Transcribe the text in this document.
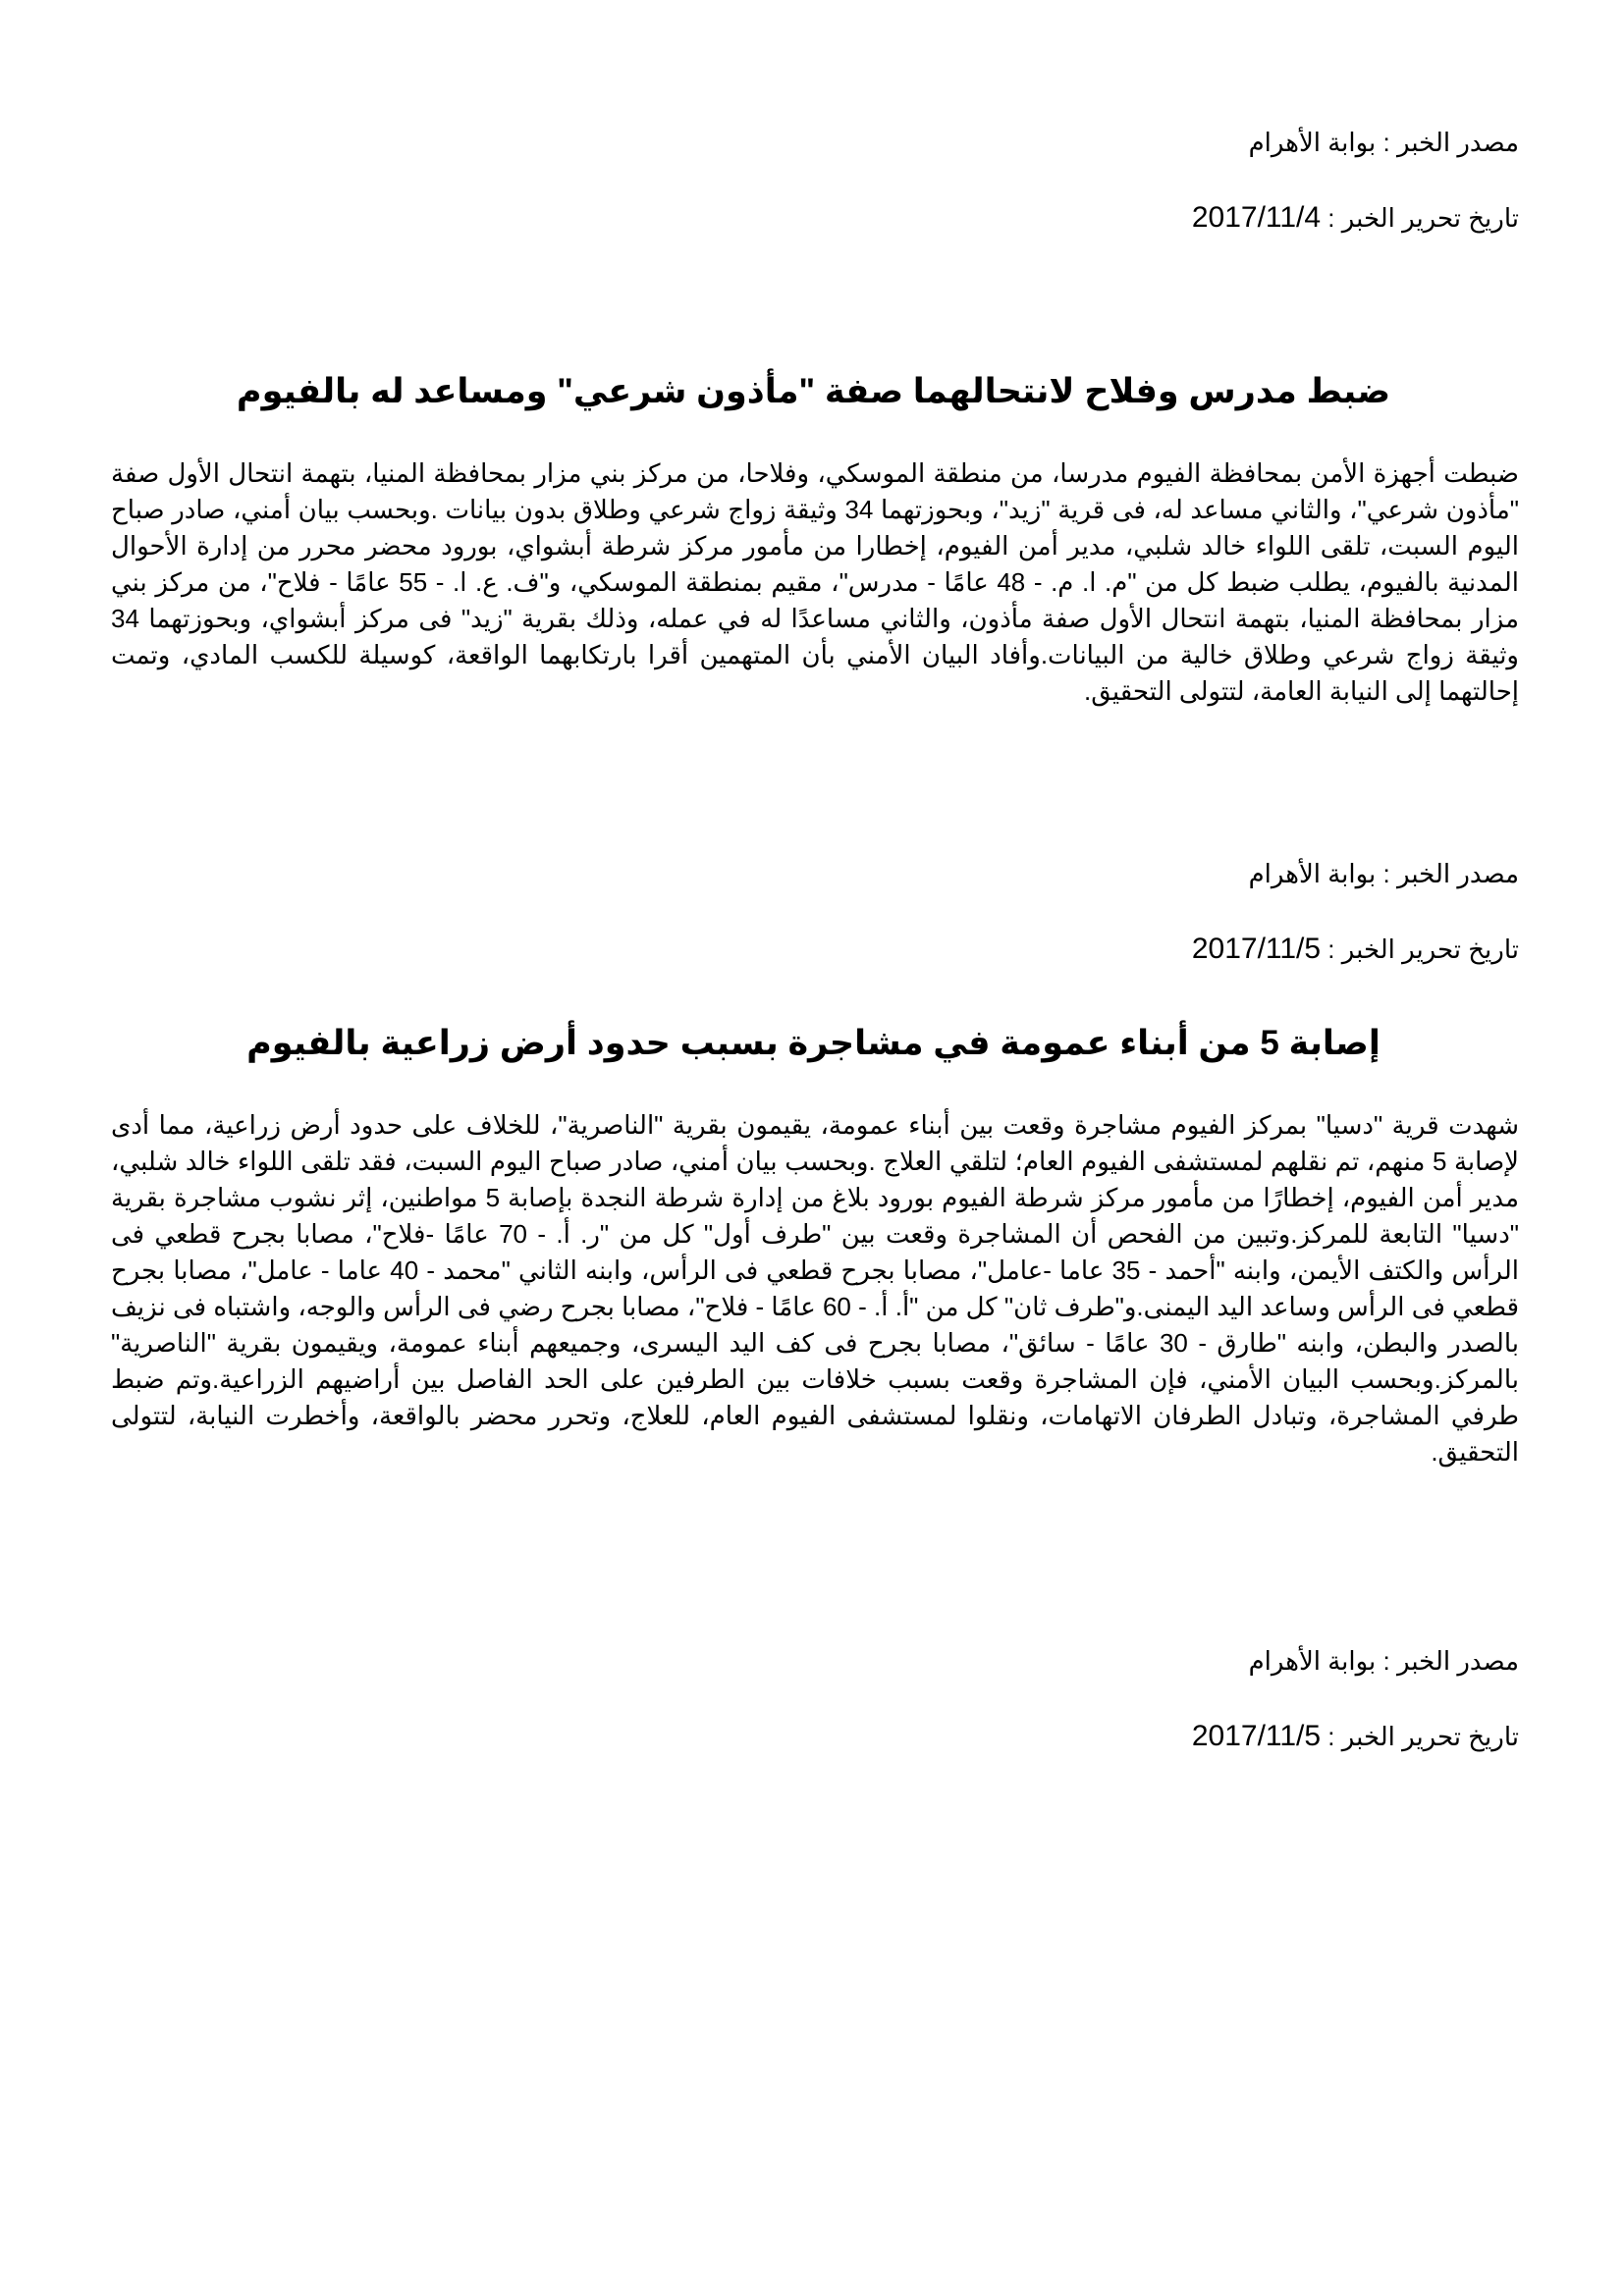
مصدر الخبر : بوابة الأهرام
تاريخ تحرير الخبر : 2017/11/4
ضبط مدرس وفلاح لانتحالهما صفة "مأذون شرعي" ومساعد له بالفيوم
ضبطت أجهزة الأمن بمحافظة الفيوم مدرسا، من منطقة الموسكي، وفلاحا، من مركز بني مزار بمحافظة المنيا، بتهمة انتحال الأول صفة "مأذون شرعي"، والثاني مساعد له، فى قرية "زيد"، وبحوزتهما 34 وثيقة زواج شرعي وطلاق بدون بيانات .وبحسب بيان أمني، صادر صباح اليوم السبت، تلقى اللواء خالد شلبي، مدير أمن الفيوم، إخطارا من مأمور مركز شرطة أبشواي، بورود محضر محرر من إدارة الأحوال المدنية بالفيوم، يطلب ضبط كل من "م. ا. م. - 48 عامًا - مدرس"، مقيم بمنطقة الموسكي، و"ف. ع. ا. - 55 عامًا - فلاح"، من مركز بني مزار بمحافظة المنيا، بتهمة انتحال الأول صفة مأذون، والثاني مساعدًا له في عمله، وذلك بقرية "زيد" فى مركز أبشواي، وبحوزتهما 34 وثيقة زواج شرعي وطلاق خالية من البيانات.وأفاد البيان الأمني بأن المتهمين أقرا بارتكابهما الواقعة، كوسيلة للكسب المادي، وتمت إحالتهما إلى النيابة العامة، لتتولى التحقيق.
مصدر الخبر : بوابة الأهرام
تاريخ تحرير الخبر : 2017/11/5
إصابة 5 من أبناء عمومة في مشاجرة بسبب حدود أرض زراعية بالفيوم
شهدت قرية "دسيا" بمركز الفيوم مشاجرة وقعت بين أبناء عمومة، يقيمون بقرية "الناصرية"، للخلاف على حدود أرض زراعية، مما أدى لإصابة 5 منهم، تم نقلهم لمستشفى الفيوم العام؛ لتلقي العلاج .وبحسب بيان أمني، صادر صباح اليوم السبت، فقد تلقى اللواء خالد شلبي، مدير أمن الفيوم، إخطارًا من مأمور مركز شرطة الفيوم بورود بلاغ من إدارة شرطة النجدة بإصابة 5 مواطنين، إثر نشوب مشاجرة بقرية "دسيا" التابعة للمركز.وتبين من الفحص أن المشاجرة وقعت بين "طرف أول" كل من "ر. أ. - 70 عامًا -فلاح"، مصابا بجرح قطعي فى الرأس والكتف الأيمن، وابنه "أحمد - 35 عاما -عامل"، مصابا بجرح قطعي فى الرأس، وابنه الثاني "محمد - 40 عاما - عامل"، مصابا بجرح قطعي فى الرأس وساعد اليد اليمنى.و"طرف ثان" كل من "أ. أ. - 60 عامًا - فلاح"، مصابا بجرح رضي فى الرأس والوجه، واشتباه فى نزيف بالصدر والبطن، وابنه "طارق - 30 عامًا - سائق"، مصابا بجرح فى كف اليد اليسرى، وجميعهم أبناء عمومة، ويقيمون بقرية "الناصرية" بالمركز.وبحسب البيان الأمني، فإن المشاجرة وقعت بسبب خلافات بين الطرفين على الحد الفاصل بين أراضيهم الزراعية.وتم ضبط طرفي المشاجرة، وتبادل الطرفان الاتهامات، ونقلوا لمستشفى الفيوم العام، للعلاج، وتحرر محضر بالواقعة، وأخطرت النيابة، لتتولى التحقيق.
مصدر الخبر : بوابة الأهرام
تاريخ تحرير الخبر : 2017/11/5
